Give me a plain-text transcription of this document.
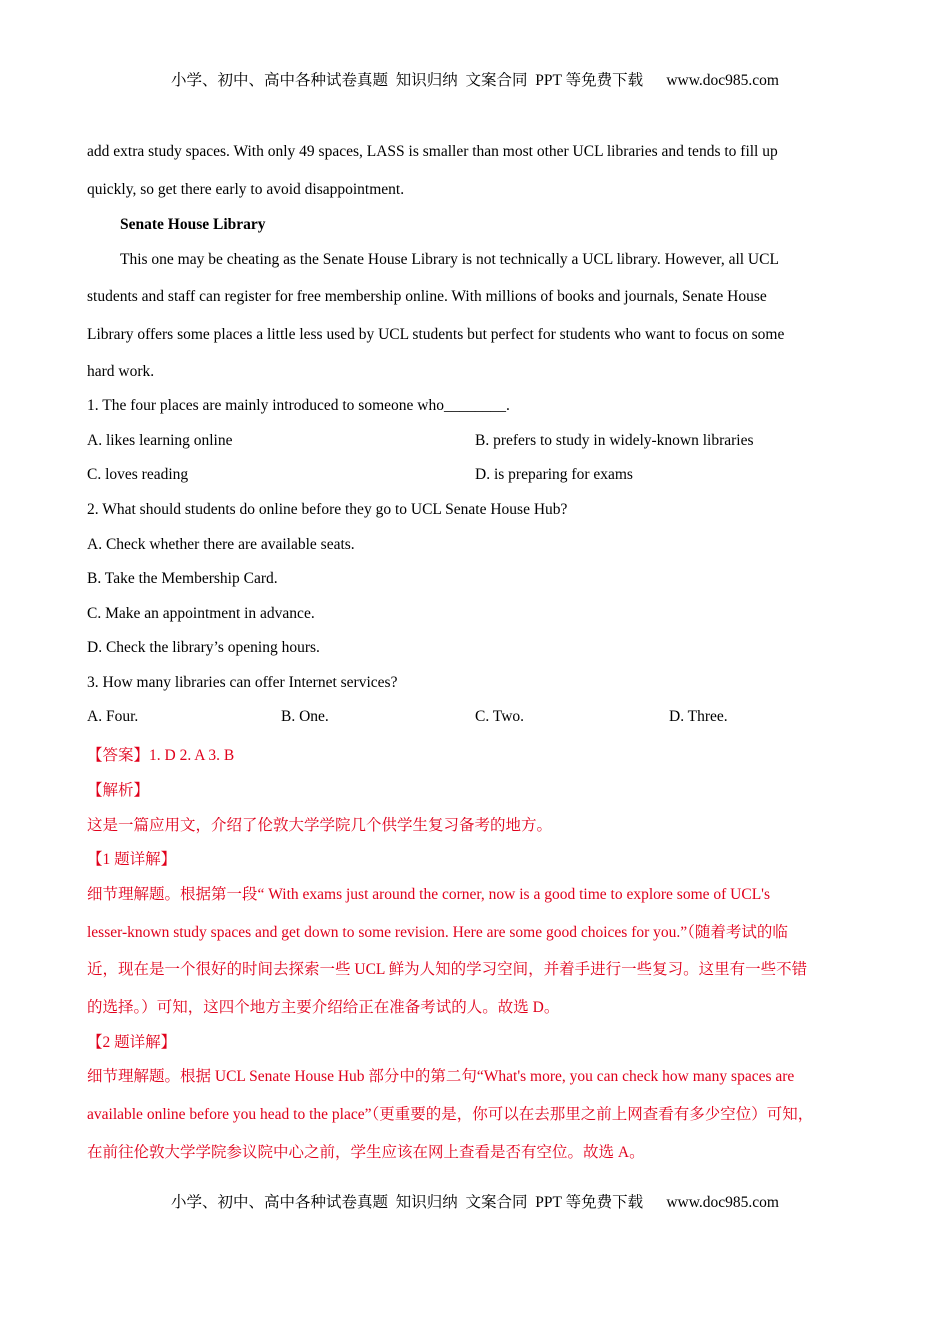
小学、初中、高中各种试卷真题  知识归纳  文案合同  PPT 等免费下载      www.doc985.com
add extra study spaces. With only 49 spaces, LASS is smaller than most other UCL libraries and tends to fill up
quickly, so get there early to avoid disappointment.
Senate House Library
This one may be cheating as the Senate House Library is not technically a UCL library. However, all UCL
students and staff can register for free membership online. With millions of books and journals, Senate House
Library offers some places a little less used by UCL students but perfect for students who want to focus on some
hard work.
1. The four places are mainly introduced to someone who________.
A. likes learning online	B. prefers to study in widely-known libraries
C. loves reading	D. is preparing for exams
2. What should students do online before they go to UCL Senate House Hub?
A. Check whether there are available seats.
B. Take the Membership Card.
C. Make an appointment in advance.
D. Check the library’s opening hours.
3. How many libraries can offer Internet services?
A. Four.	B. One.	C. Two.	D. Three.
【答案】1. D 2. A 3. B
【解析】
这是一篇应用文，介绍了伦敦大学学院几个供学生复习备考的地方。
【1 题详解】
细节理解题。根据第一段“ With exams just around the corner, now is a good time to explore some of UCL's
lesser-known study spaces and get down to some revision. Here are some good choices for you.”（随着考试的临
近，现在是一个很好的时间去探索一些 UCL 鲜为人知的学习空间，并着手进行一些复习。这里有一些不错
的选择。）可知，这四个地方主要介绍给正在准备考试的人。故选 D。
【2 题详解】
细节理解题。根据 UCL Senate House Hub 部分中的第二句“What's more, you can check how many spaces are
available online before you head to the place”（更重要的是，你可以在去那里之前上网查看有多少空位）可知，
在前往伦敦大学学院参议院中心之前，学生应该在网上查看是否有空位。故选 A。
小学、初中、高中各种试卷真题  知识归纳  文案合同  PPT 等免费下载      www.doc985.com
